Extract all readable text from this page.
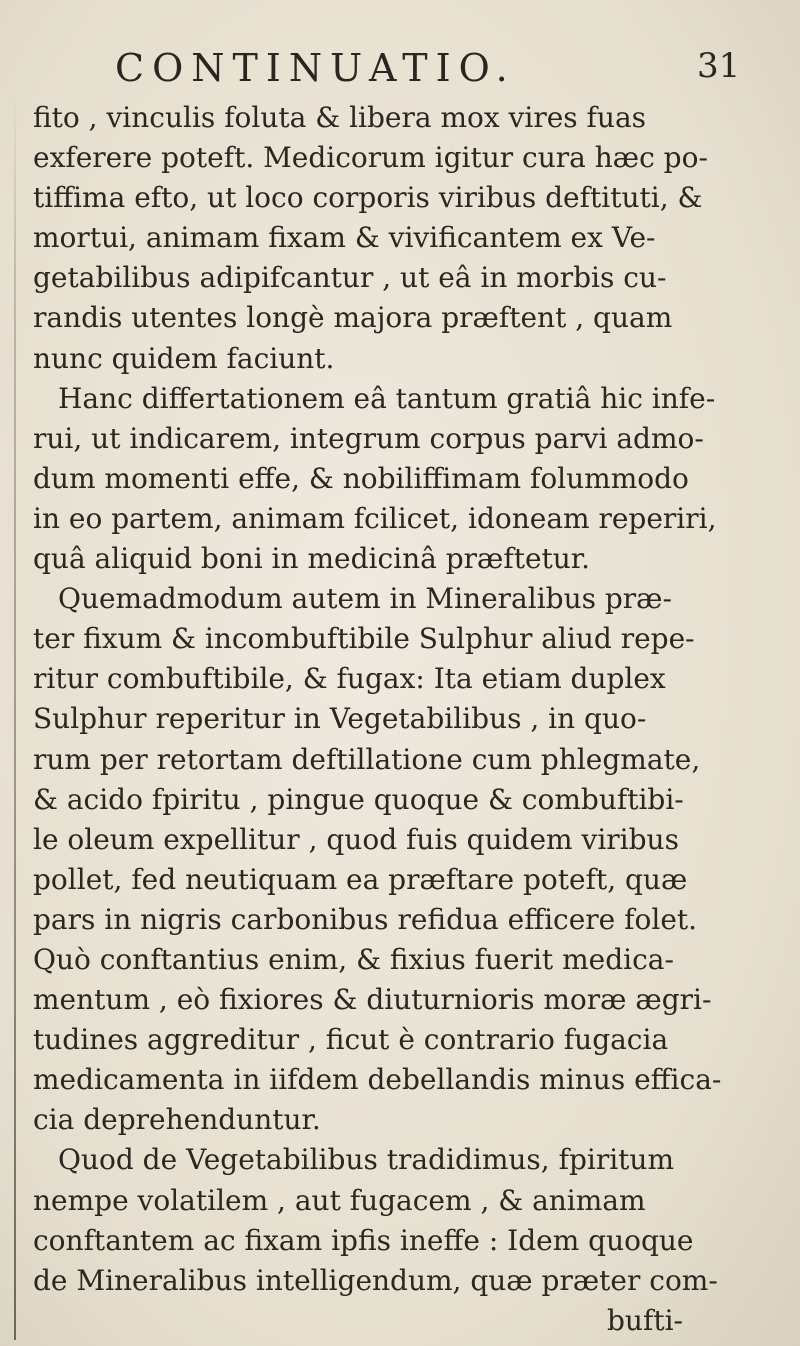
CONTINUATIO.	31
fito , vinculis foluta & libera mox vires fuas
exferere poteft. Medicorum igitur cura hæc po-
tiffima efto, ut loco corporis viribus deftituti, &
mortui, animam fixam & vivificantem ex Ve-
getabilibus adipifcantur , ut eâ in morbis cu-
randis utentes longè majora præftent , quam
nunc quidem faciunt.
Hanc differtationem eâ tantum gratiâ hic infe-
rui, ut indicarem, integrum corpus parvi admo-
dum momenti effe, & nobiliffimam folummodo
in eo partem, animam fcilicet, idoneam reperiri,
quâ aliquid boni in medicinâ præftetur.
Quemadmodum autem in Mineralibus præ-
ter fixum & incombuftibile Sulphur aliud repe-
ritur combuftibile, & fugax: Ita etiam duplex
Sulphur reperitur in Vegetabilibus , in quo-
rum per retortam deftillatione cum phlegmate,
& acido fpiritu , pingue quoque & combuftibi-
le oleum expellitur , quod fuis quidem viribus
pollet, fed neutiquam ea præftare poteft, quæ
pars in nigris carbonibus refidua efficere folet.
Quò conftantius enim, & fixius fuerit medica-
mentum , eò fixiores & diuturnioris moræ ægri-
tudines aggreditur , ficut è contrario fugacia
medicamenta in iifdem debellandis minus effica-
cia deprehenduntur.
Quod de Vegetabilibus tradidimus, fpiritum
nempe volatilem , aut fugacem , & animam
conftantem ac fixam ipfis ineffe : Idem quoque
de Mineralibus intelligendum, quæ præter com-
bufti-
